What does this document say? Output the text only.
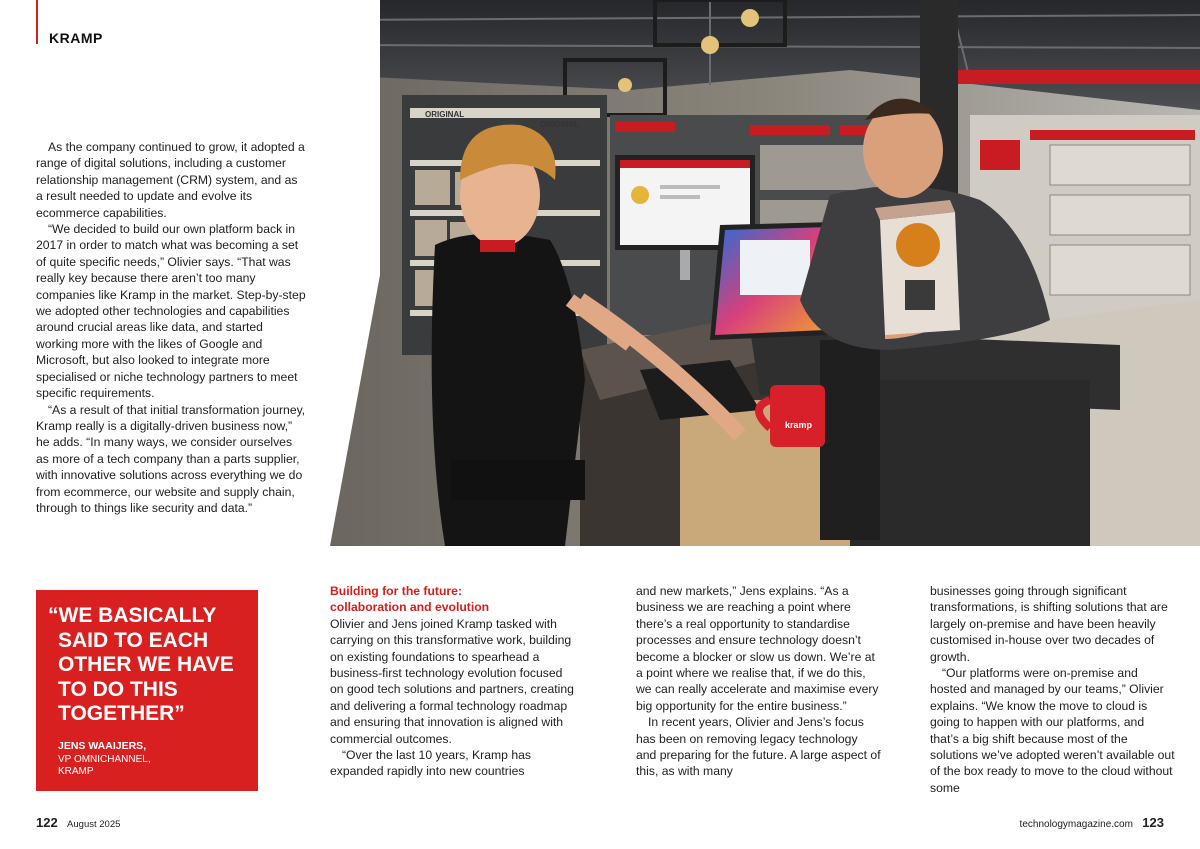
KRAMP

As the company continued to grow, it adopted a range of digital solutions, including a customer relationship management (CRM) system, and as a result needed to update and evolve its ecommerce capabilities.

“We decided to build our own platform back in 2017 in order to match what was becoming a set of quite specific needs,” Olivier says. “That was really key because there aren’t too many companies like Kramp in the market. Step-by-step we adopted other technologies and capabilities around crucial areas like data, and started working more with the likes of Google and Microsoft, but also looked to integrate more specialised or niche technology partners to meet specific requirements.

“As a result of that initial transformation journey, Kramp really is a digitally-driven business now,” he adds. “In many ways, we consider ourselves as more of a tech company than a parts supplier, with innovative solutions across everything we do from ecommerce, our website and supply chain, through to things like security and data.”

ORIGINAL
ORIGINAL
kramp
“WE BASICALLY
SAID TO EACH
OTHER WE HAVE
TO DO THIS
TOGETHER”
JENS WAAIJERS,
VP OMNICHANNEL,
KRAMP
Building for the future:
collaboration and evolution

Olivier and Jens joined Kramp tasked with carrying on this transformative work, building on existing foundations to spearhead a business-first technology evolution focused on good tech solutions and partners, creating and delivering a formal technology roadmap and ensuring that innovation is aligned with commercial outcomes.

“Over the last 10 years, Kramp has expanded rapidly into new countries

and new markets,” Jens explains. “As a business we are reaching a point where there’s a real opportunity to standardise processes and ensure technology doesn’t become a blocker or slow us down. We’re at a point where we realise that, if we do this, we can really accelerate and maximise every big opportunity for the entire business.”

In recent years, Olivier and Jens’s focus has been on removing legacy technology and preparing for the future. A large aspect of this, as with many

businesses going through significant transformations, is shifting solutions that are largely on-premise and have been heavily customised in-house over two decades of growth.

“Our platforms were on-premise and hosted and managed by our teams,” Olivier explains. “We know the move to cloud is going to happen with our platforms, and that’s a big shift because most of the solutions we’ve adopted weren’t available out of the box ready to move to the cloud without some

122 August 2025	technologymagazine.com 123
